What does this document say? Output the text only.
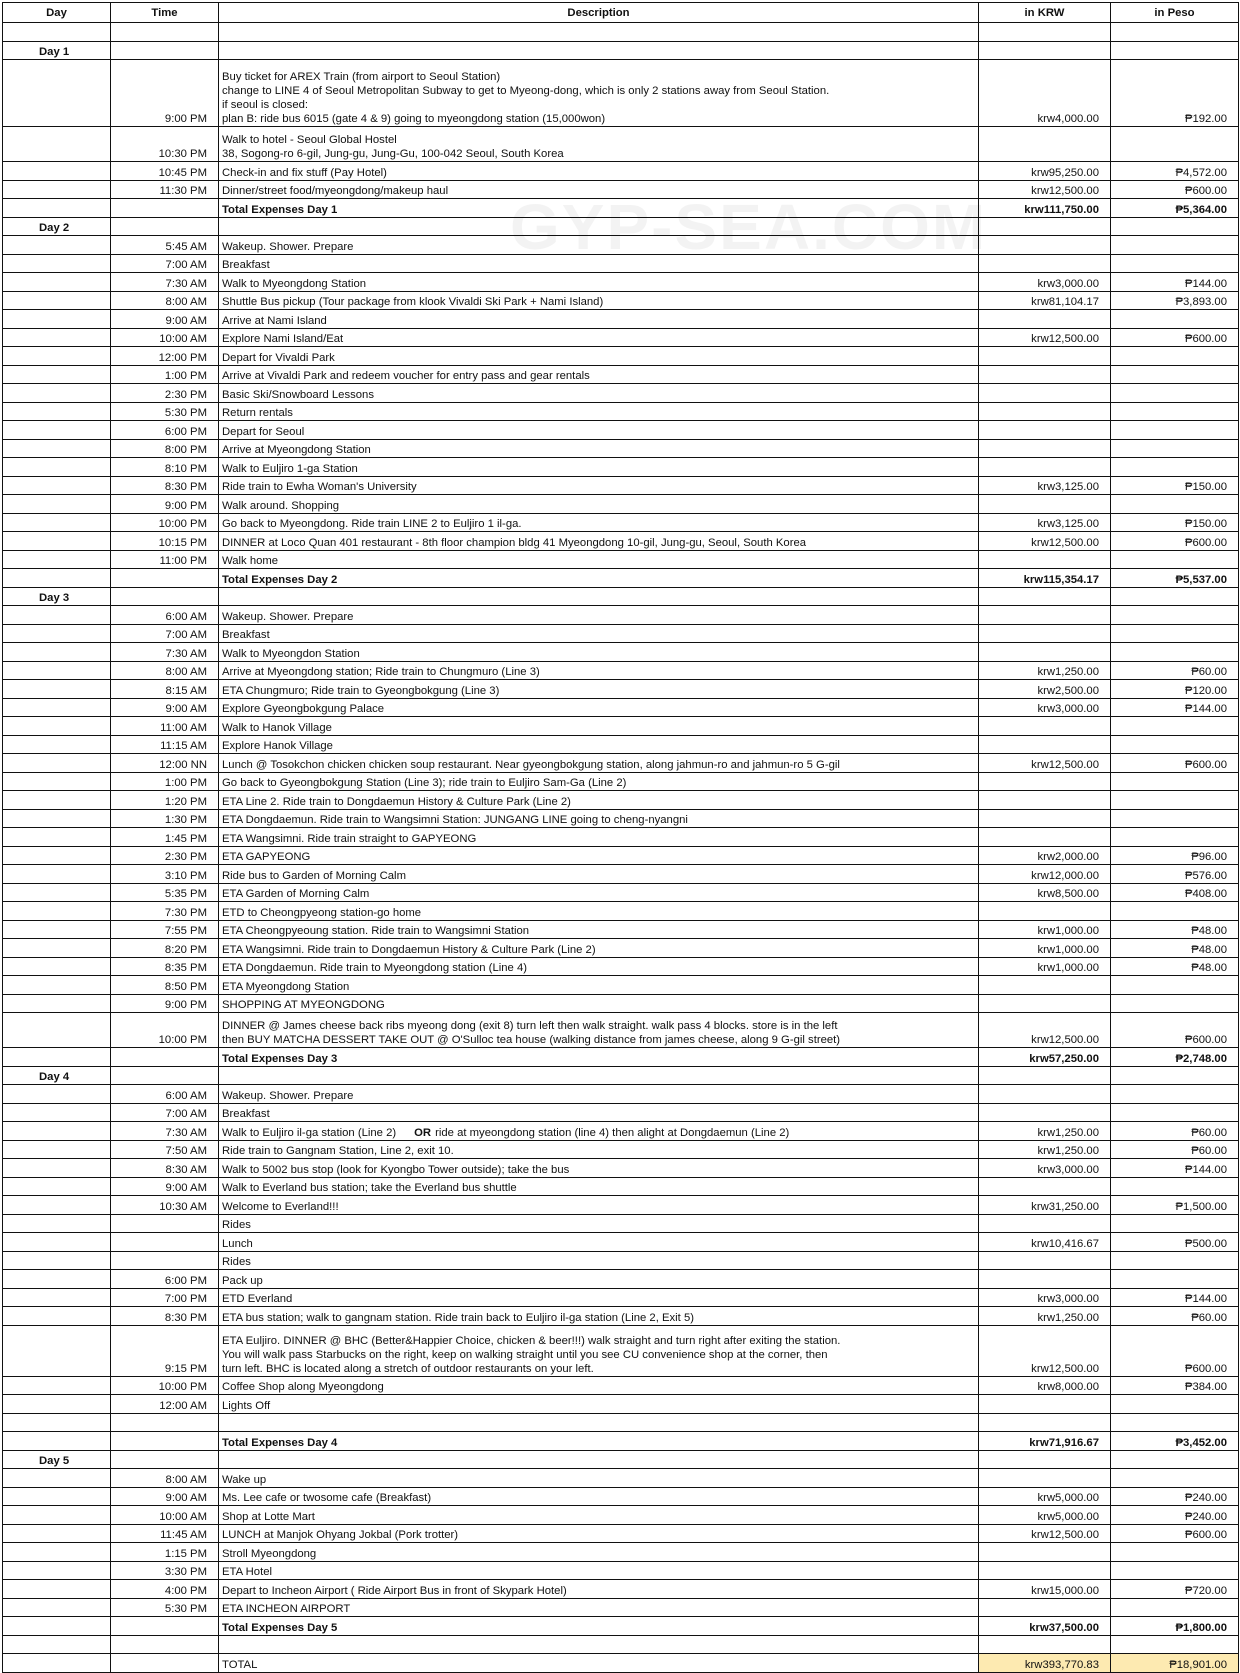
Day	Time	Description	in KRW	in Peso

Day 1				
	9:00 PM	Buy ticket for AREX Train (from airport to Seoul Station)
change to LINE 4 of Seoul Metropolitan Subway to get to Myeong-dong, which is only 2 stations away from Seoul Station.
if seoul is closed:
plan B: ride bus 6015 (gate 4 & 9) going to myeongdong station (15,000won)	krw4,000.00	₱192.00
	10:30 PM	Walk to hotel - Seoul Global Hostel
38, Sogong-ro 6-gil, Jung-gu, Jung-Gu, 100-042 Seoul, South Korea		

	10:45 PM	Check-in and fix stuff (Pay Hotel)	krw95,250.00	₱4,572.00
	11:30 PM	Dinner/street food/myeongdong/makeup haul	krw12,500.00	₱600.00
		Total Expenses Day 1	krw111,750.00	₱5,364.00
Day 2				
	5:45 AM	Wakeup. Shower. Prepare		
	7:00 AM	Breakfast		
	7:30 AM	Walk to Myeongdong Station	krw3,000.00	₱144.00
	8:00 AM	Shuttle Bus pickup (Tour package from klook Vivaldi Ski Park + Nami Island)	krw81,104.17	₱3,893.00
	9:00 AM	Arrive at Nami Island		
	10:00 AM	Explore Nami Island/Eat	krw12,500.00	₱600.00
	12:00 PM	Depart for Vivaldi Park		
	1:00 PM	Arrive at Vivaldi Park and redeem voucher for entry pass and gear rentals		
	2:30 PM	Basic Ski/Snowboard Lessons		
	5:30 PM	Return rentals		
	6:00 PM	Depart for Seoul		
	8:00 PM	Arrive at Myeongdong Station		
	8:10 PM	Walk to Euljiro 1-ga Station		
	8:30 PM	Ride train to Ewha Woman's University	krw3,125.00	₱150.00
	9:00 PM	Walk around. Shopping		
	10:00 PM	Go back to Myeongdong. Ride train LINE 2 to Euljiro 1 il-ga.	krw3,125.00	₱150.00
	10:15 PM	DINNER at Loco Quan 401 restaurant - 8th floor champion bldg 41 Myeongdong 10-gil, Jung-gu, Seoul, South Korea	krw12,500.00	₱600.00
	11:00 PM	Walk home		
		Total Expenses Day 2	krw115,354.17	₱5,537.00
Day 3				
	6:00 AM	Wakeup. Shower. Prepare		
	7:00 AM	Breakfast		
	7:30 AM	Walk to Myeongdon Station		
	8:00 AM	Arrive at Myeongdong station; Ride train to Chungmuro (Line 3)	krw1,250.00	₱60.00
	8:15 AM	ETA Chungmuro; Ride train to Gyeongbokgung (Line 3)	krw2,500.00	₱120.00
	9:00 AM	Explore Gyeongbokgung Palace	krw3,000.00	₱144.00
	11:00 AM	Walk to Hanok Village		
	11:15 AM	Explore Hanok Village		
	12:00 NN	Lunch @ Tosokchon chicken chicken soup restaurant. Near gyeongbokgung station, along jahmun-ro and jahmun-ro 5 G-gil	krw12,500.00	₱600.00
	1:00 PM	Go back to Gyeongbokgung Station (Line 3); ride train to Euljiro Sam-Ga (Line 2)		
	1:20 PM	ETA Line 2. Ride train to Dongdaemun History & Culture Park (Line 2)		
	1:30 PM	ETA Dongdaemun. Ride train to Wangsimni Station: JUNGANG LINE going to cheng-nyangni		
	1:45 PM	ETA Wangsimni. Ride train straight to GAPYEONG		
	2:30 PM	ETA GAPYEONG	krw2,000.00	₱96.00
	3:10 PM	Ride bus to Garden of Morning Calm	krw12,000.00	₱576.00
	5:35 PM	ETA Garden of Morning Calm	krw8,500.00	₱408.00
	7:30 PM	ETD to Cheongpyeong station-go home		
	7:55 PM	ETA Cheongpyeoung station. Ride train to Wangsimni Station	krw1,000.00	₱48.00
	8:20 PM	ETA Wangsimni. Ride train to Dongdaemun History & Culture Park (Line 2)	krw1,000.00	₱48.00
	8:35 PM	ETA Dongdaemun. Ride train to Myeongdong station (Line 4)	krw1,000.00	₱48.00
	8:50 PM	ETA Myeongdong Station		
	9:00 PM	SHOPPING AT MYEONGDONG		
	10:00 PM	DINNER @ James cheese back ribs myeong dong (exit 8) turn left then walk straight. walk pass 4 blocks. store is in the left
then BUY MATCHA DESSERT TAKE OUT @ O'Sulloc tea house (walking distance from james cheese, along 9 G-gil street)	krw12,500.00	₱600.00
		Total Expenses Day 3	krw57,250.00	₱2,748.00
Day 4				
	6:00 AM	Wakeup. Shower. Prepare		
	7:00 AM	Breakfast		
	7:30 AM	Walk to Euljiro il-ga station (Line 2) OR ride at myeongdong station (line 4) then alight at Dongdaemun (Line 2)	krw1,250.00	₱60.00
	7:50 AM	Ride train to Gangnam Station, Line 2, exit 10.	krw1,250.00	₱60.00
	8:30 AM	Walk to 5002 bus stop (look for Kyongbo Tower outside); take the bus	krw3,000.00	₱144.00
	9:00 AM	Walk to Everland bus station; take the Everland bus shuttle		
	10:30 AM	Welcome to Everland!!!	krw31,250.00	₱1,500.00
		Rides		
		Lunch	krw10,416.67	₱500.00
		Rides		
	6:00 PM	Pack up		
	7:00 PM	ETD Everland	krw3,000.00	₱144.00
	8:30 PM	ETA bus station; walk to gangnam station. Ride train back to Euljiro il-ga station (Line 2, Exit 5)	krw1,250.00	₱60.00
	9:15 PM	ETA Euljiro. DINNER @ BHC (Better&Happier Choice, chicken & beer!!!) walk straight and turn right after exiting the station.
You will walk pass Starbucks on the right, keep on walking straight until you see CU convenience shop at the corner, then
turn left. BHC is located along a stretch of outdoor restaurants on your left.	krw12,500.00	₱600.00
	10:00 PM	Coffee Shop along Myeongdong	krw8,000.00	₱384.00
	12:00 AM	Lights Off		

		Total Expenses Day 4	krw71,916.67	₱3,452.00
Day 5				
	8:00 AM	Wake up		
	9:00 AM	Ms. Lee cafe or twosome cafe (Breakfast)	krw5,000.00	₱240.00
	10:00 AM	Shop at Lotte Mart	krw5,000.00	₱240.00
	11:45 AM	LUNCH at Manjok Ohyang Jokbal (Pork trotter)	krw12,500.00	₱600.00
	1:15 PM	Stroll Myeongdong		
	3:30 PM	ETA Hotel		
	4:00 PM	Depart to Incheon Airport ( Ride Airport Bus in front of Skypark Hotel)	krw15,000.00	₱720.00
	5:30 PM	ETA INCHEON AIRPORT		
		Total Expenses Day 5	krw37,500.00	₱1,800.00

		TOTAL	krw393,770.83	₱18,901.00
